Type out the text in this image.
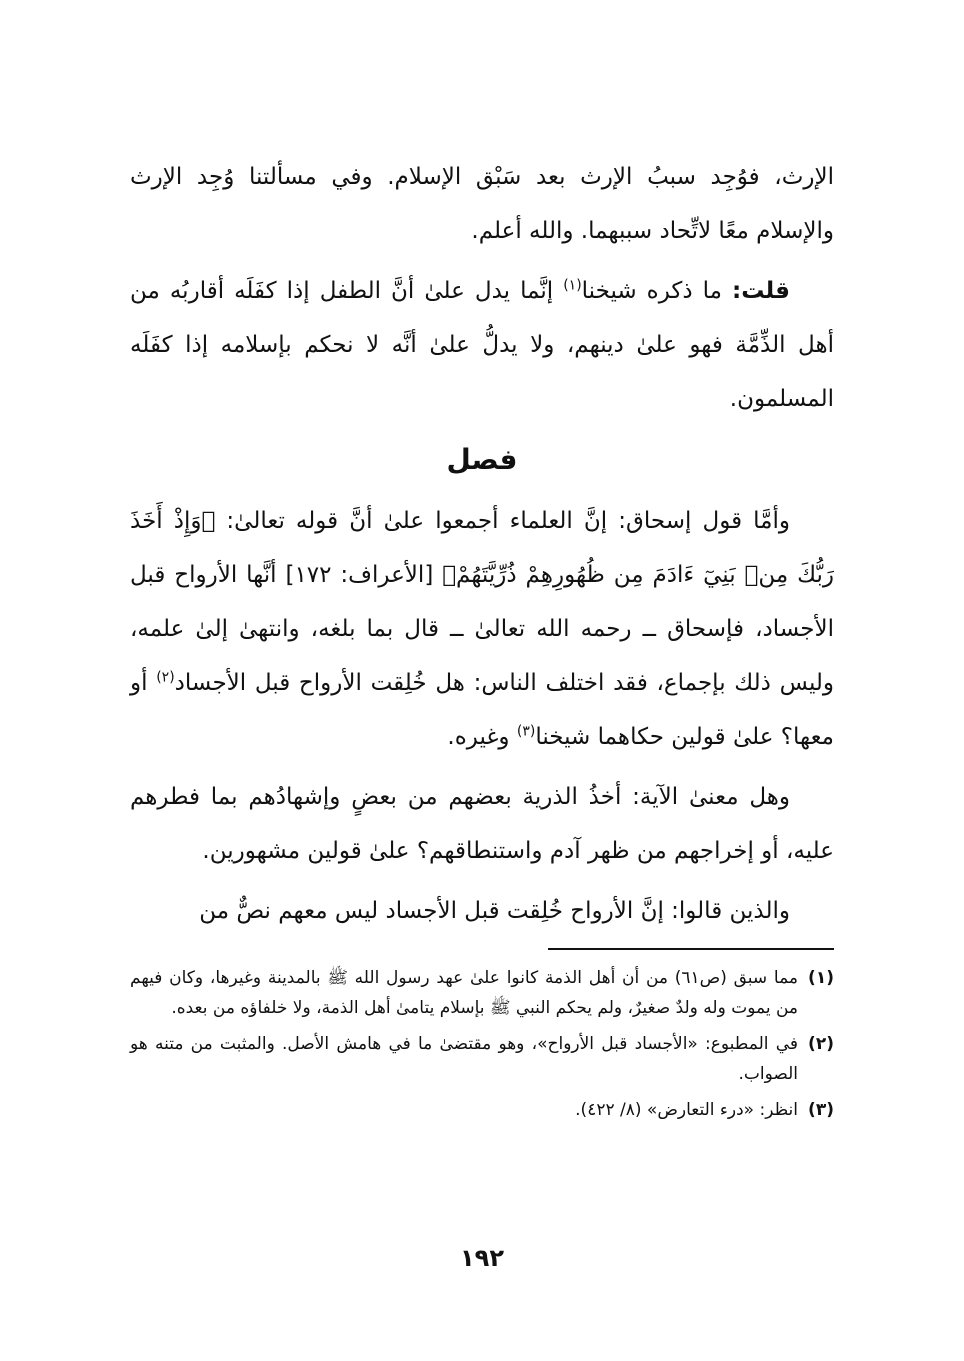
الإرث، فوُجِد سببُ الإرث بعد سَبْق الإسلام. وفي مسألتنا وُجِد الإرث والإسلام معًا لاتِّحاد سببهما. والله أعلم.

قلت: ما ذكره شيخنا$^{(١)}$ إنَّما يدل علىٰ أنَّ الطفل إذا كفَلَه أقاربُه من أهل الذِّمَّة فهو علىٰ دينهم، ولا يدلُّ علىٰ أنَّه لا نحكم بإسلامه إذا كفَلَه المسلمون.

فصل

وأمَّا قول إسحاق: إنَّ العلماء أجمعوا علىٰ أنَّ قوله تعالىٰ: ﴿وَإِذْ أَخَذَ رَبُّكَ مِنۢ بَنِيٓ ءَادَمَ مِن ظُهُورِهِمْ ذُرِّيَّتَهُمْ﴾ [الأعراف: ١٧٢] أنَّها الأرواح قبل الأجساد، فإسحاق ــ رحمه الله تعالىٰ ــ قال بما بلغه، وانتهىٰ إلىٰ علمه، وليس ذلك بإجماع، فقد اختلف الناس: هل خُلِقت الأرواح قبل الأجساد$^{(٢)}$ أو معها؟ علىٰ قولين حكاهما شيخنا$^{(٣)}$ وغيره.

وهل معنىٰ الآية: أخذُ الذرية بعضهم من بعضٍ وإشهادُهم بما فطرهم عليه، أو إخراجهم من ظهر آدم واستنطاقهم؟ علىٰ قولين مشهورين.

والذين قالوا: إنَّ الأرواح خُلِقت قبل الأجساد ليس معهم نصٌّ من

(١)
مما سبق (ص٦١) من أن أهل الذمة كانوا علىٰ عهد رسول الله ﷺ بالمدينة وغيرها، وكان فيهم من يموت وله ولدٌ صغيرٌ، ولم يحكم النبي ﷺ بإسلام يتامىٰ أهل الذمة، ولا خلفاؤه من بعده.
(٢)
في المطبوع: «الأجساد قبل الأرواح»، وهو مقتضىٰ ما في هامش الأصل. والمثبت من متنه هو الصواب.
(٣)
انظر: «درء التعارض» (٨/ ٤٢٢).
١٩٢
